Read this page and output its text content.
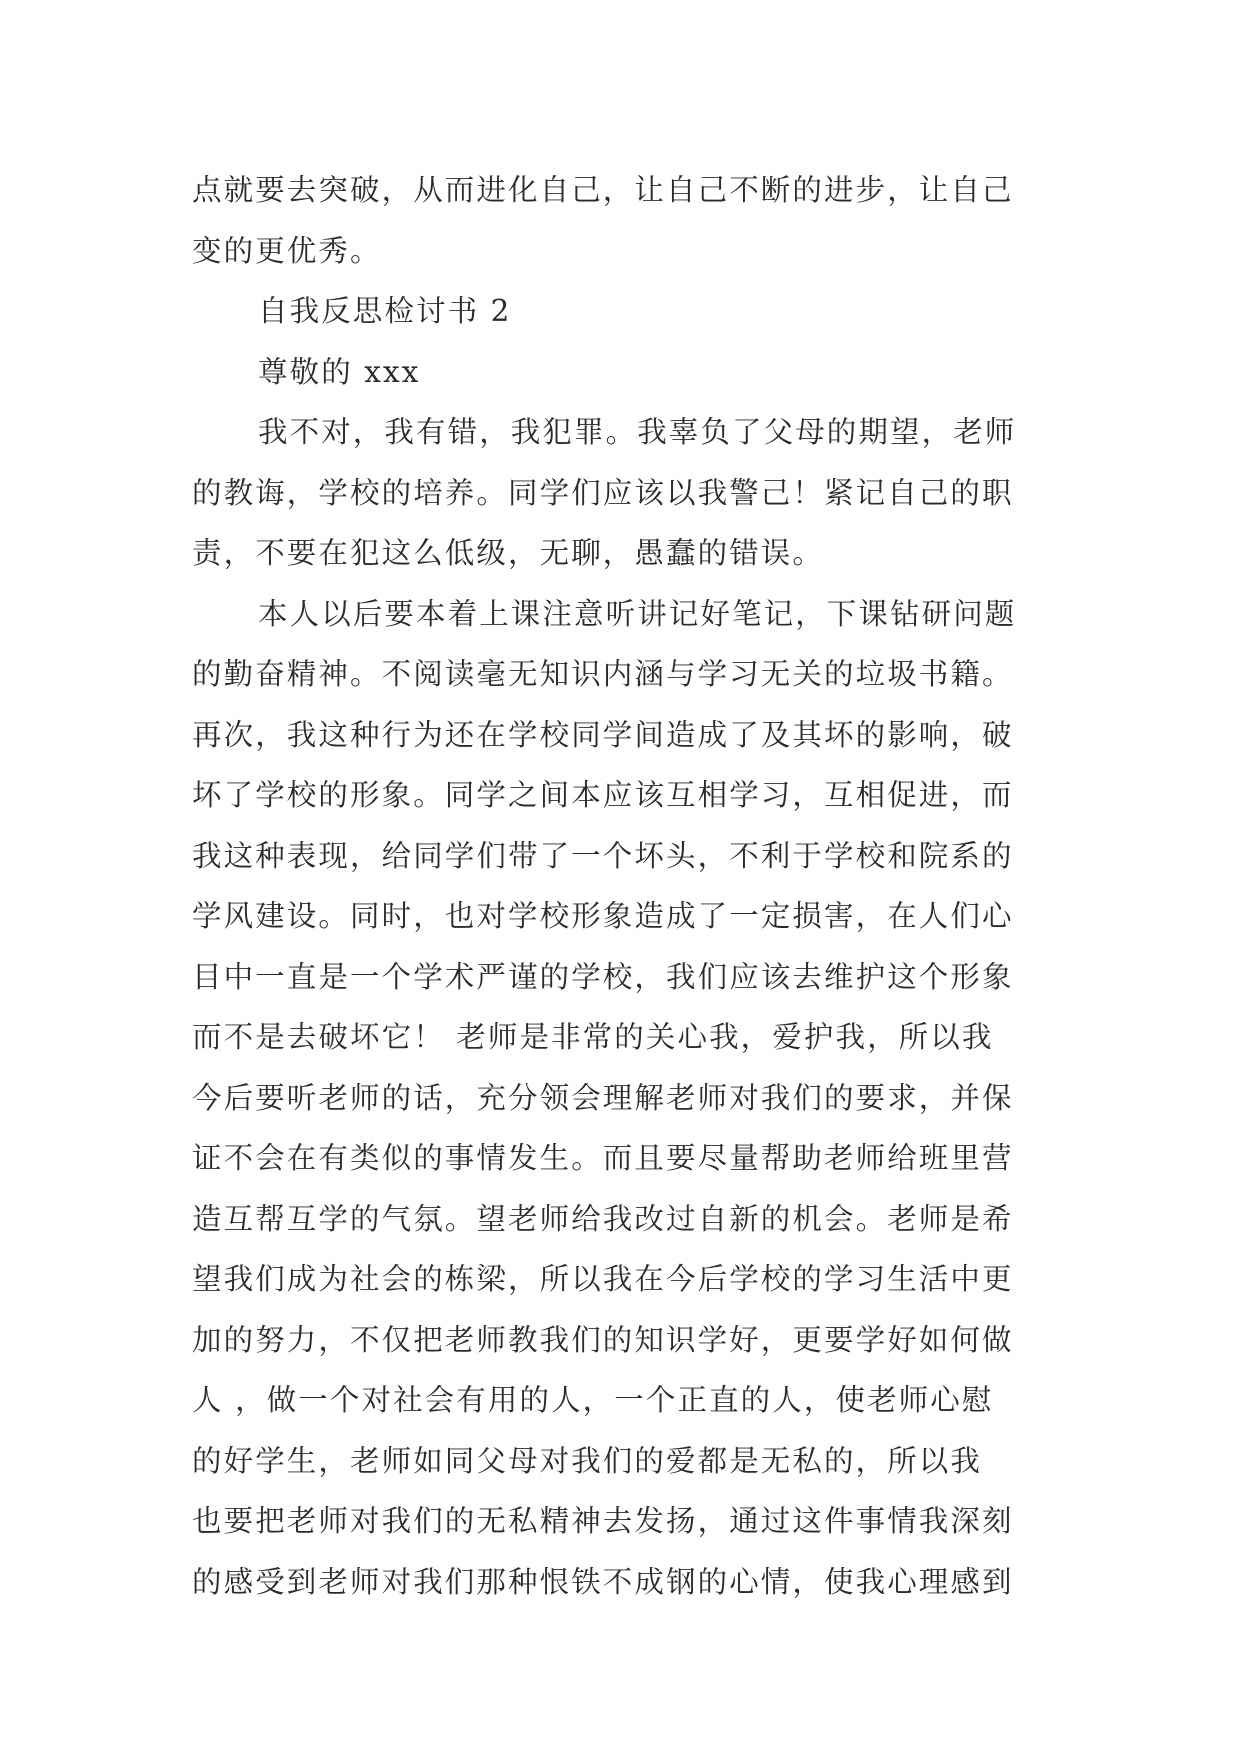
点就要去突破，从而进化自己，让自己不断的进步，让自己
变的更优秀。
自我反思检讨书 2
尊敬的 xxx
我不对，我有错，我犯罪。我辜负了父母的期望，老师
的教诲，学校的培养。同学们应该以我警己！紧记自己的职
责，不要在犯这么低级，无聊，愚蠢的错误。
本人以后要本着上课注意听讲记好笔记，下课钻研问题
的勤奋精神。不阅读毫无知识内涵与学习无关的垃圾书籍。
再次，我这种行为还在学校同学间造成了及其坏的影响，破
坏了学校的形象。同学之间本应该互相学习，互相促进，而
我这种表现，给同学们带了一个坏头，不利于学校和院系的
学风建设。同时，也对学校形象造成了一定损害，在人们心
目中一直是一个学术严谨的学校，我们应该去维护这个形象
而不是去破坏它！ 老师是非常的关心我，爱护我，所以我
今后要听老师的话，充分领会理解老师对我们的要求，并保
证不会在有类似的事情发生。而且要尽量帮助老师给班里营
造互帮互学的气氛。望老师给我改过自新的机会。老师是希
望我们成为社会的栋梁，所以我在今后学校的学习生活中更
加的努力，不仅把老师教我们的知识学好，更要学好如何做
人 ，做一个对社会有用的人，一个正直的人，使老师心慰
的好学生，老师如同父母对我们的爱都是无私的，所以我
也要把老师对我们的无私精神去发扬，通过这件事情我深刻
的感受到老师对我们那种恨铁不成钢的心情，使我心理感到
